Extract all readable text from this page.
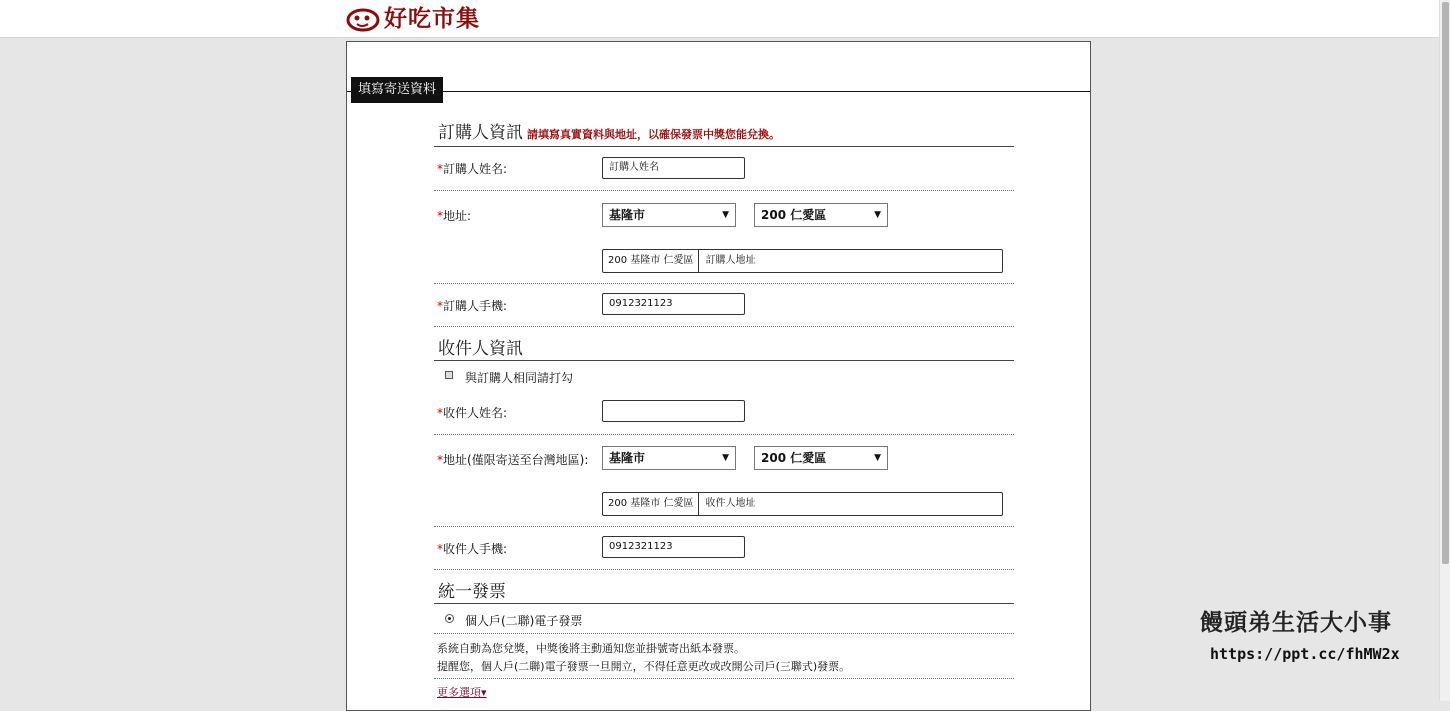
好吃市集
填寫寄送資料
訂購人資訊 請填寫真實資料與地址，以確保發票中獎您能兌換。
*訂購人姓名:	訂購人姓名
*地址:	基隆市	▼	200 仁愛區	▼
200 基隆市 仁愛區	訂購人地址
*訂購人手機:	0912321123
收件人資訊
與訂購人相同請打勾
*收件人姓名:
*地址(僅限寄送至台灣地區):	基隆市	▼	200 仁愛區	▼
200 基隆市 仁愛區	收件人地址
*收件人手機:	0912321123
統一發票
個人戶(二聯)電子發票
系統自動為您兌獎，中獎後將主動通知您並掛號寄出紙本發票。
提醒您，個人戶(二聯)電子發票一旦開立，不得任意更改或改開公司戶(三聯式)發票。
更多選項▾
饅頭弟生活大小事
https://ppt.cc/fhMW2x
